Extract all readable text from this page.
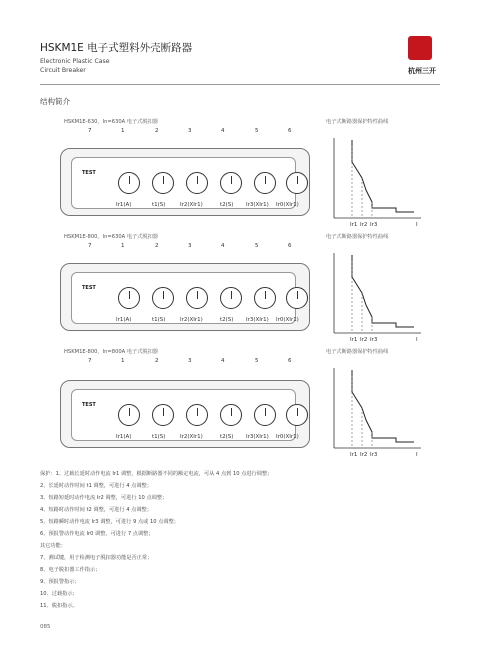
HSKM1E 电子式塑料外壳断路器
Electronic Plastic Case
Circuit Breaker	杭州三开
结构简介
HSKM1E-630，In=630A 电子式脱扣器
7	1	2	3	4	5	6
TEST
Ir1(A)	t1(S)	Ir2(XIr1)	t2(S) Ir3(XIr1) Ir0(XIr1)
电子式断路器保护特性曲线
Ir1 Ir2 Ir3	I
HSKM1E-800，In=630A 电子式脱扣器
7	1	2	3	4	5	6
TEST
Ir1(A)	t1(S)	Ir2(XIr1)	t2(S) Ir3(XIr1) Ir0(XIr1)
电子式断路器保护特性曲线
Ir1 Ir2 Ir3	I
HSKM1E-800，In=800A 电子式脱扣器
7	1	2	3	4	5	6
TEST
Ir1(A)	t1(S)	Ir2(XIr1)	t2(S) Ir3(XIr1) Ir0(XIr1)
电子式断路器保护特性曲线
Ir1 Ir2 Ir3	I
保护：1、过载长延时动作电流 Ir1 调整，根据断路器不同的额定电流，可从 4 点到 10 点进行调整；
2、长延时动作时间 t1 调整，可进行 4 点调整；
3、短路短延时动作电流 Ir2 调整，可进行 10 点调整；
4、短路时动作时间 t2 调整，可进行 4 点调整；
5、短路瞬时动作电流 Ir3 调整，可进行 9 点或 10 点调整；
6、预报警动作电流 Ir0 调整，可进行 7 点调整；
其它功能：
7、测试键，用于检测电子脱扣器功能是否正常；
8、电子脱扣器工作指示；
9、预报警指示；
10、过载指示；
11、脱扣指示。
085
